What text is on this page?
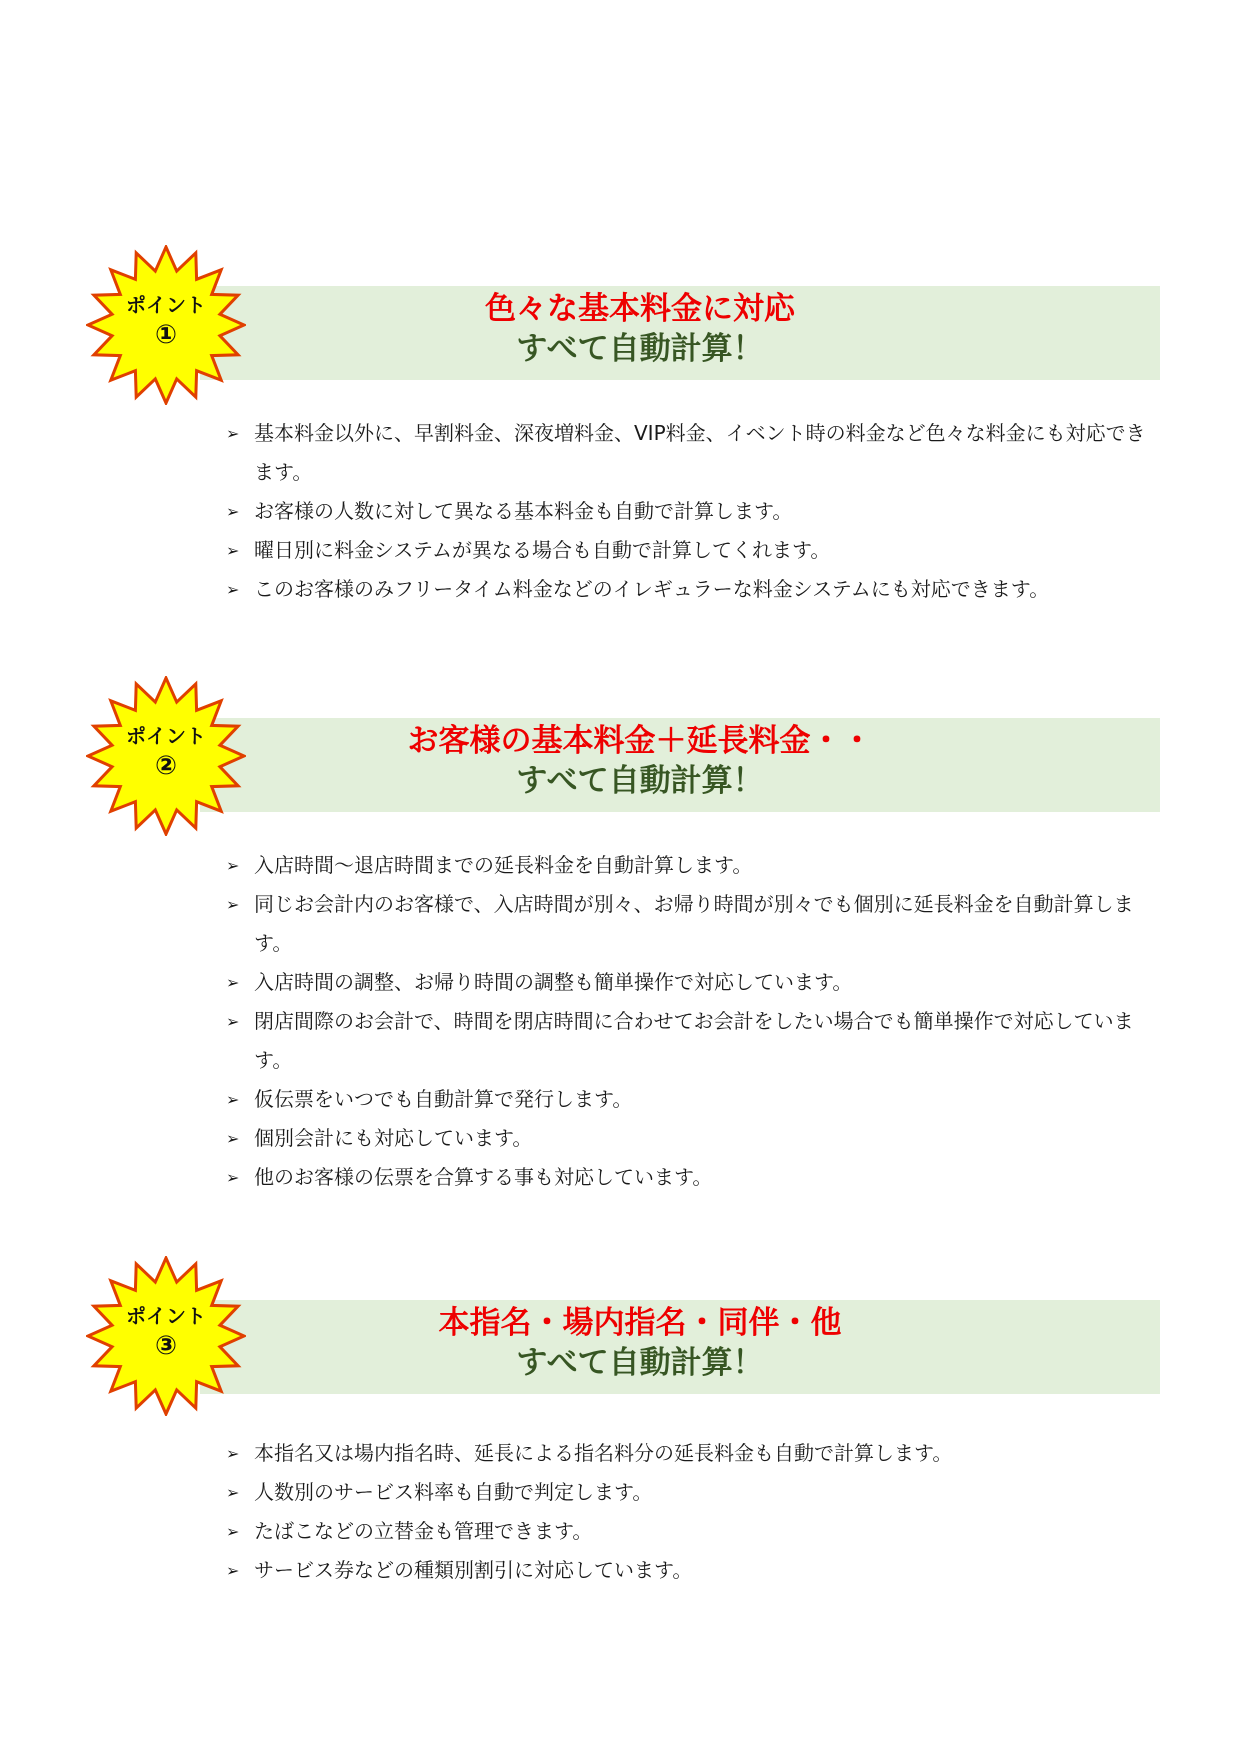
色々な基本料金に対応
すべて自動計算！
ポイント
①
➢ 基本料金以外に、早割料金、深夜増料金、VIP料金、イベント時の料金など色々な料金にも対応できます。
➢ お客様の人数に対して異なる基本料金も自動で計算します。
➢ 曜日別に料金システムが異なる場合も自動で計算してくれます。
➢ このお客様のみフリータイム料金などのイレギュラーな料金システムにも対応できます。
お客様の基本料金＋延長料金・・
すべて自動計算！
ポイント
②
➢ 入店時間～退店時間までの延長料金を自動計算します。
➢ 同じお会計内のお客様で、入店時間が別々、お帰り時間が別々でも個別に延長料金を自動計算します。
➢ 入店時間の調整、お帰り時間の調整も簡単操作で対応しています。
➢ 閉店間際のお会計で、時間を閉店時間に合わせてお会計をしたい場合でも簡単操作で対応しています。
➢ 仮伝票をいつでも自動計算で発行します。
➢ 個別会計にも対応しています。
➢ 他のお客様の伝票を合算する事も対応しています。
本指名・場内指名・同伴・他
すべて自動計算！
ポイント
③
➢ 本指名又は場内指名時、延長による指名料分の延長料金も自動で計算します。
➢ 人数別のサービス料率も自動で判定します。
➢ たばこなどの立替金も管理できます。
➢ サービス券などの種類別割引に対応しています。
